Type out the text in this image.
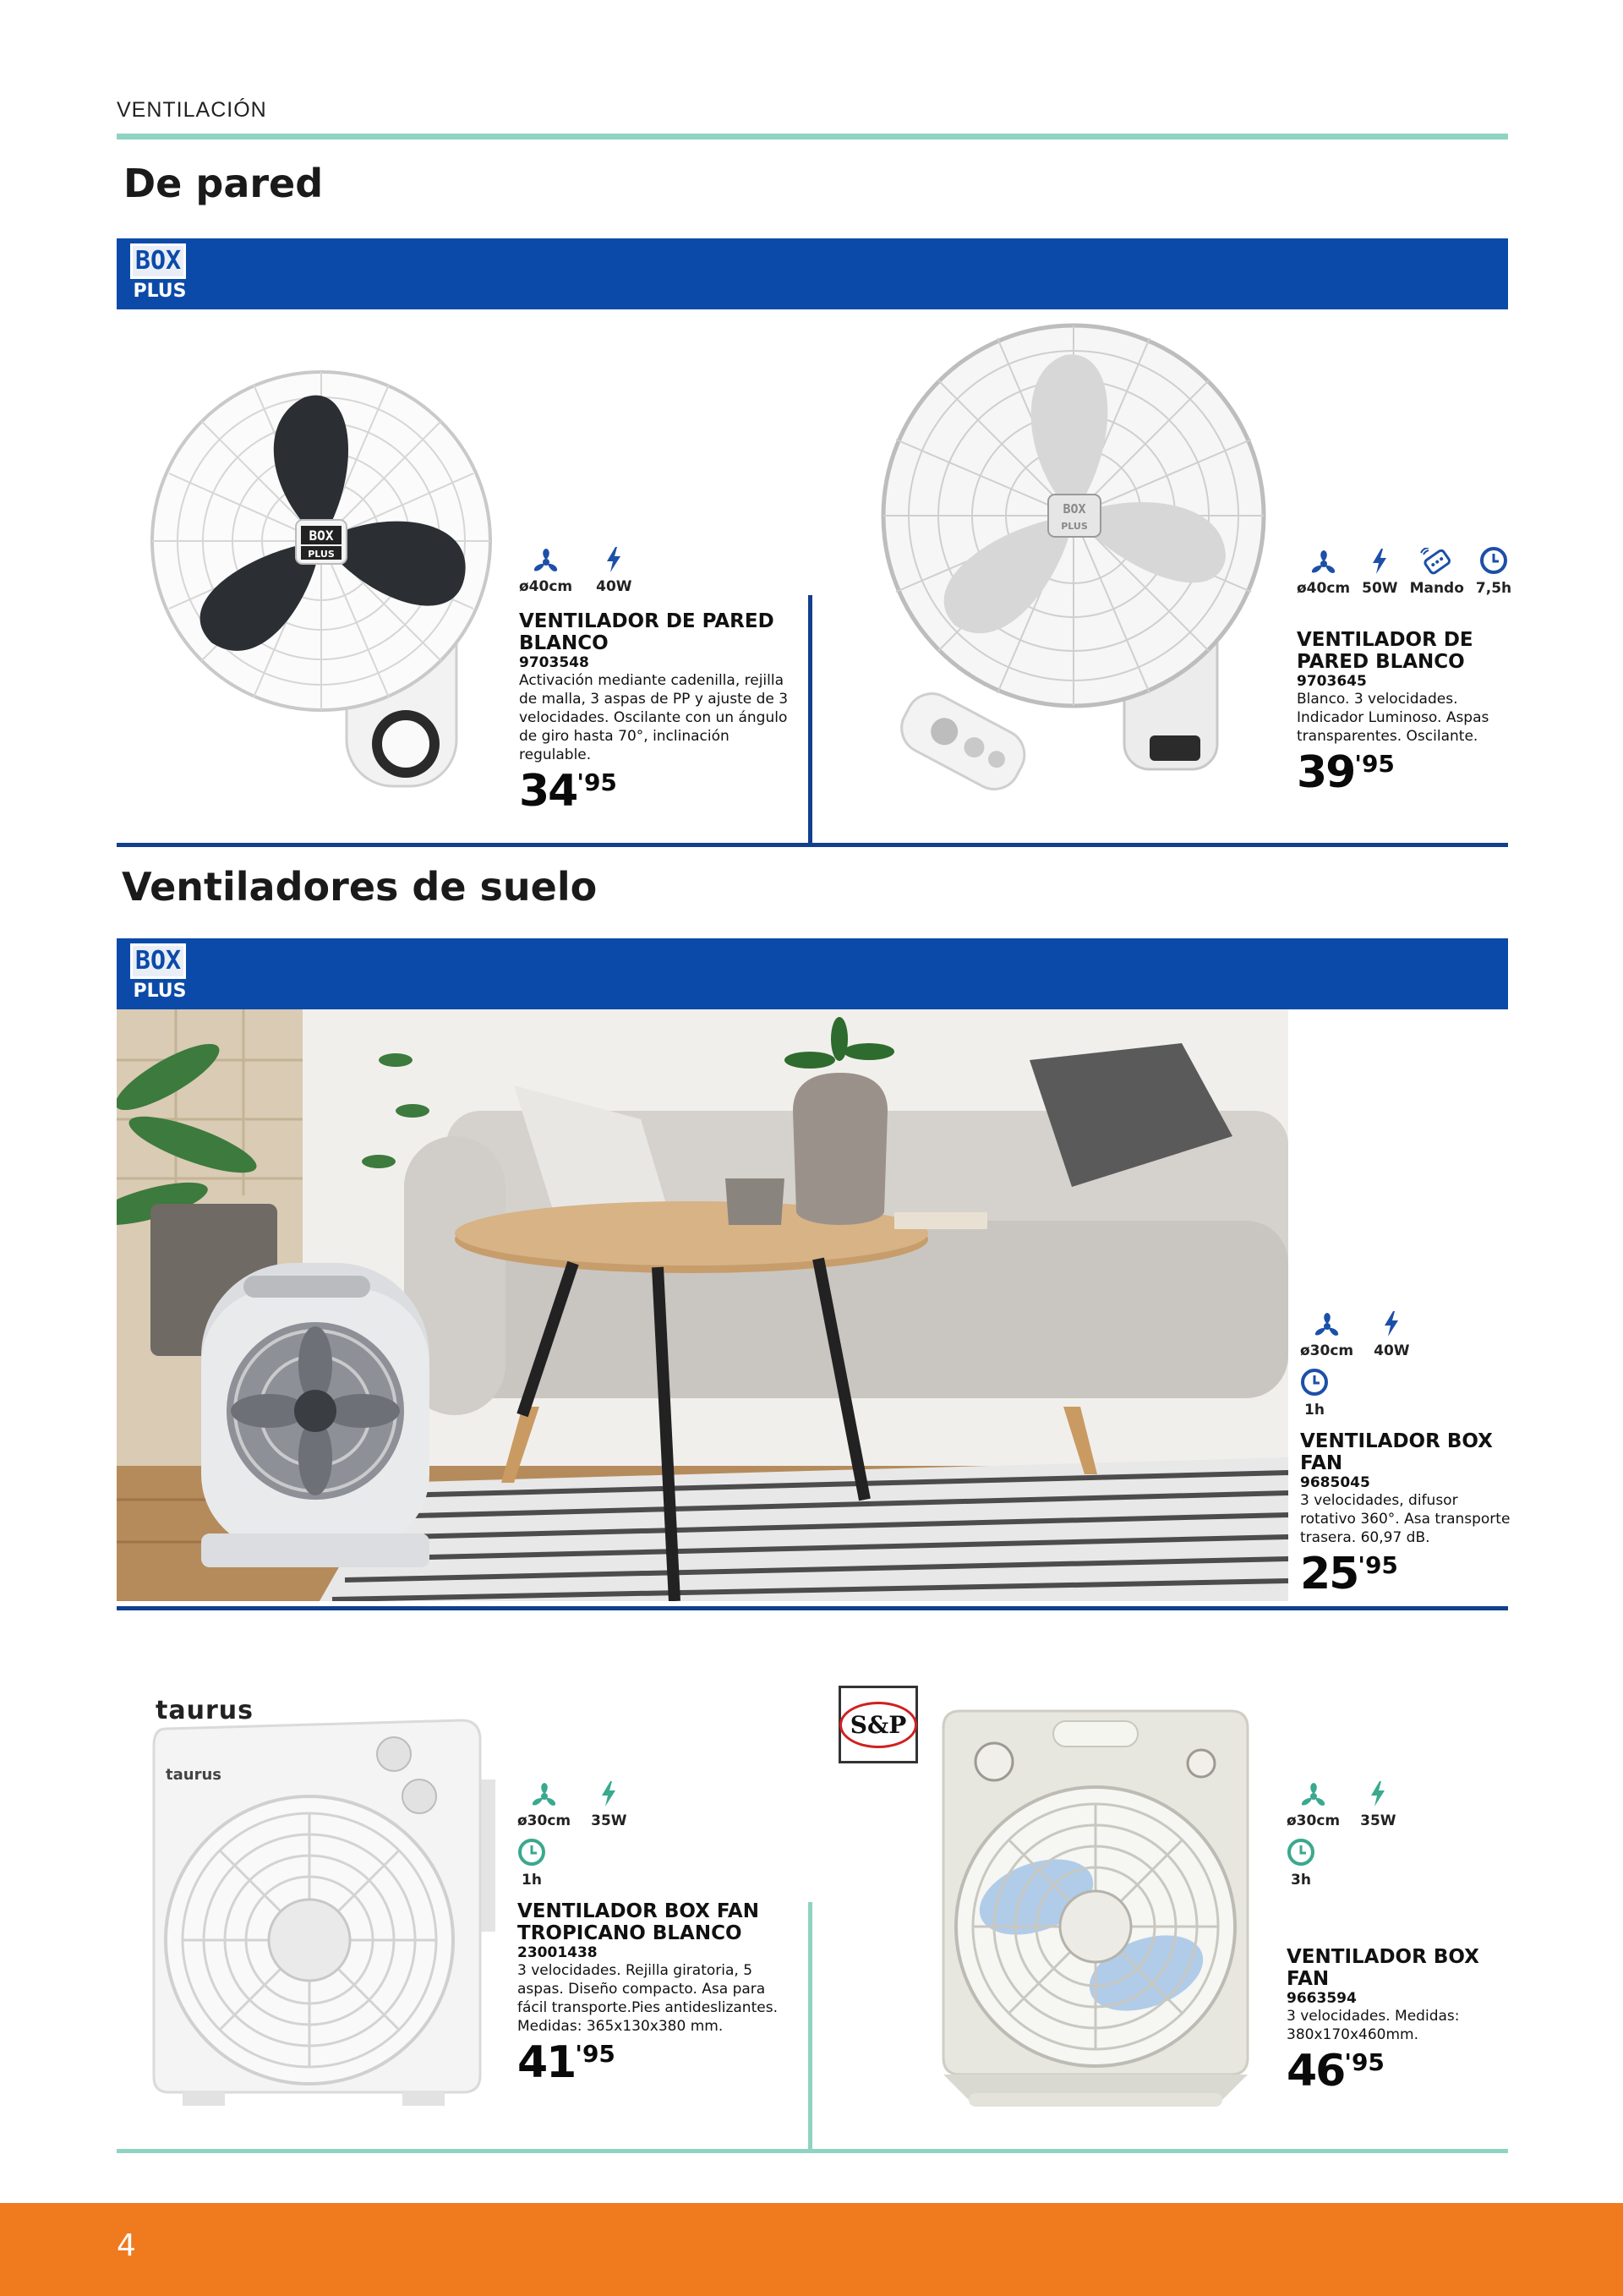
VENTILACIÓN
De pared
BOX
PLUS
BOX
PLUS
ø40cm 40W
VENTILADOR DE PARED BLANCO
9703548
Activación mediante cadenilla, rejilla de malla, 3 aspas de PP y ajuste de 3 velocidades. Oscilante con un ángulo de giro hasta 70°, inclinación regulable.
34 '95
BOX
PLUS
ø40cm 50W Mando 7,5h
VENTILADOR DE PARED BLANCO
9703645
Blanco. 3 velocidades. Indicador Luminoso. Aspas transparentes. Oscilante.
39 '95
Ventiladores de suelo
BOX
PLUS
ø30cm 40W
1h
VENTILADOR BOX FAN
9685045
3 velocidades, difusor rotativo 360°. Asa transporte trasera. 60,97 dB.
25 '95
taurus
taurus
ø30cm 35W
1h
VENTILADOR BOX FAN TROPICANO BLANCO
23001438
3 velocidades. Rejilla giratoria, 5 aspas. Diseño compacto. Asa para fácil transporte.Pies antideslizantes. Medidas: 365x130x380 mm.
41 '95
S&P
ø30cm 35W
3h
VENTILADOR BOX FAN
9663594
3 velocidades. Medidas: 380x170x460mm.
46 '95
4
